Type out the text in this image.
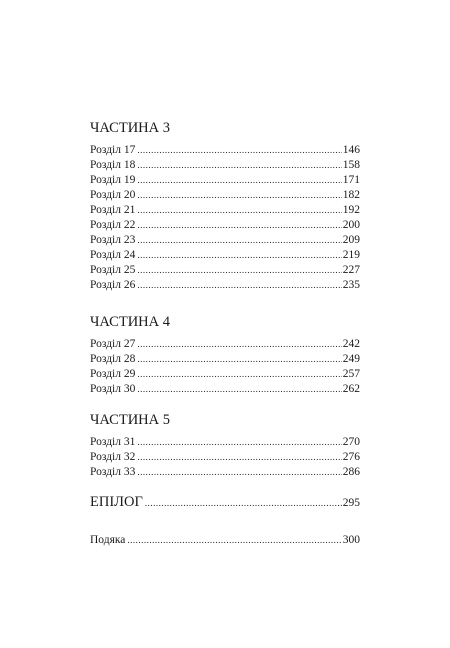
ЧАСТИНА 3
Розділ 17 .....	146
Розділ 18 .....	158
Розділ 19 .....	171
Розділ 20 .....	182
Розділ 21 .....	192
Розділ 22 .....	200
Розділ 23 .....	209
Розділ 24 .....	219
Розділ 25 .....	227
Розділ 26 .....	235
ЧАСТИНА 4
Розділ 27 .....	242
Розділ 28 .....	249
Розділ 29 .....	257
Розділ 30 .....	262
ЧАСТИНА 5
Розділ 31 .....	270
Розділ 32 .....	276
Розділ 33 .....	286
ЕПІЛОГ .....	295
Подяка .....	300
